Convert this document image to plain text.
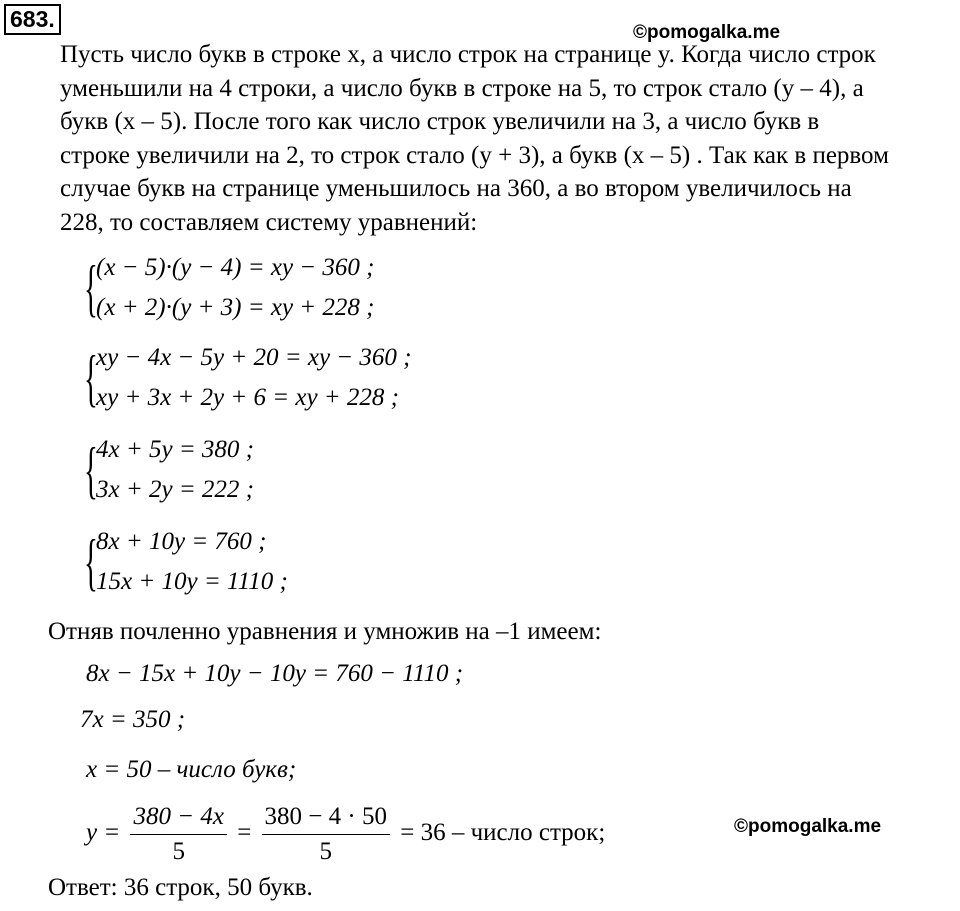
683.
©pomogalka.me
©pomogalka.me
Пусть число букв в строке x, а число строк на странице y. Когда число строк
уменьшили на 4 строки, а число букв в строке на 5, то строк стало (y – 4), а
букв (x – 5). После того как число строк увеличили на 3, а число букв в
строке увеличили на 2, то строк стало (y + 3), а букв (x – 5) . Так как в первом
случае букв на странице уменьшилось на 360, а во втором увеличилось на
228, то составляем систему уравнений:
{
(x − 5)·(y − 4) = xy − 360 ;
(x + 2)·(y + 3) = xy + 228 ;
{
xy − 4x − 5y + 20 = xy − 360 ;
xy + 3x + 2y + 6 = xy + 228 ;
{
4x + 5y = 380 ;
3x + 2y = 222 ;
{
8x + 10y = 760 ;
15x + 10y = 1110 ;
Отняв почленно уравнения и умножив на –1 имеем:
8x − 15x + 10y − 10y = 760 − 1110 ;
7x = 350 ;
x = 50 – число букв;
$y = \frac{380 - 4x}{5} = \frac{380 - 4 \cdot 50}{5} = 36$ – число строк;
Ответ: 36 строк, 50 букв.
